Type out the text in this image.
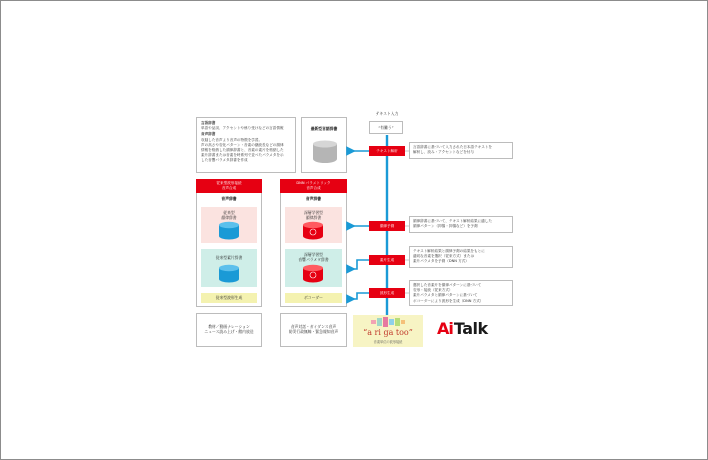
テキスト入力
“有難う”
言語辞書
単語や品詞、アクセントや係り受けなどの言語情報
音声辞書
収録した音声より音声の特徴を学習。
声の高さや変化パターン・音素の継続長などの韻律
情報を格納した韻律辞書と、音素の素片を格納した
素片辞書または音素を時系列で並べたパラメタを示
した音響パラメタ辞書を作成
最新型言語辞書
従来型波形接続
音声合成
音声辞書
従来型
韻律辞書
従来型素片辞書
従来型波形生成
教材／動画ナレーション
ニュース読み上げ・館内放送
DNN パラメトリック
音声合成
音声辞書
深層学習型
韻律辞書
深層学習型
音響パラメタ辞書
ボコーダー
音声対話・ガイダンス音声
防災行政無線・緊急報知音声
テキスト解析
言語辞書に基づいて入力された日本語テキストを
解析し、読み・アクセントなどを付与
韻律予測
韻律辞書に基づいて、テキスト解析結果に適した
韻律パターン（抑揚・抑揚など）を予測
素片生成
テキスト解析結果と韻律予測の結果をもとに
適切な音素を選択（従来方式）または
素片パラメタを予測（DNN 方式）
波形生成
選択した音素片を韻律パターンに基づいて
変形・接続（従来方式）
素片パラメタと韻律パターンに基づいて
ボコーダーにより波形を生成（DNN 方式）
“a ri ga too”
音素単位の波形接続
Ai Talk
